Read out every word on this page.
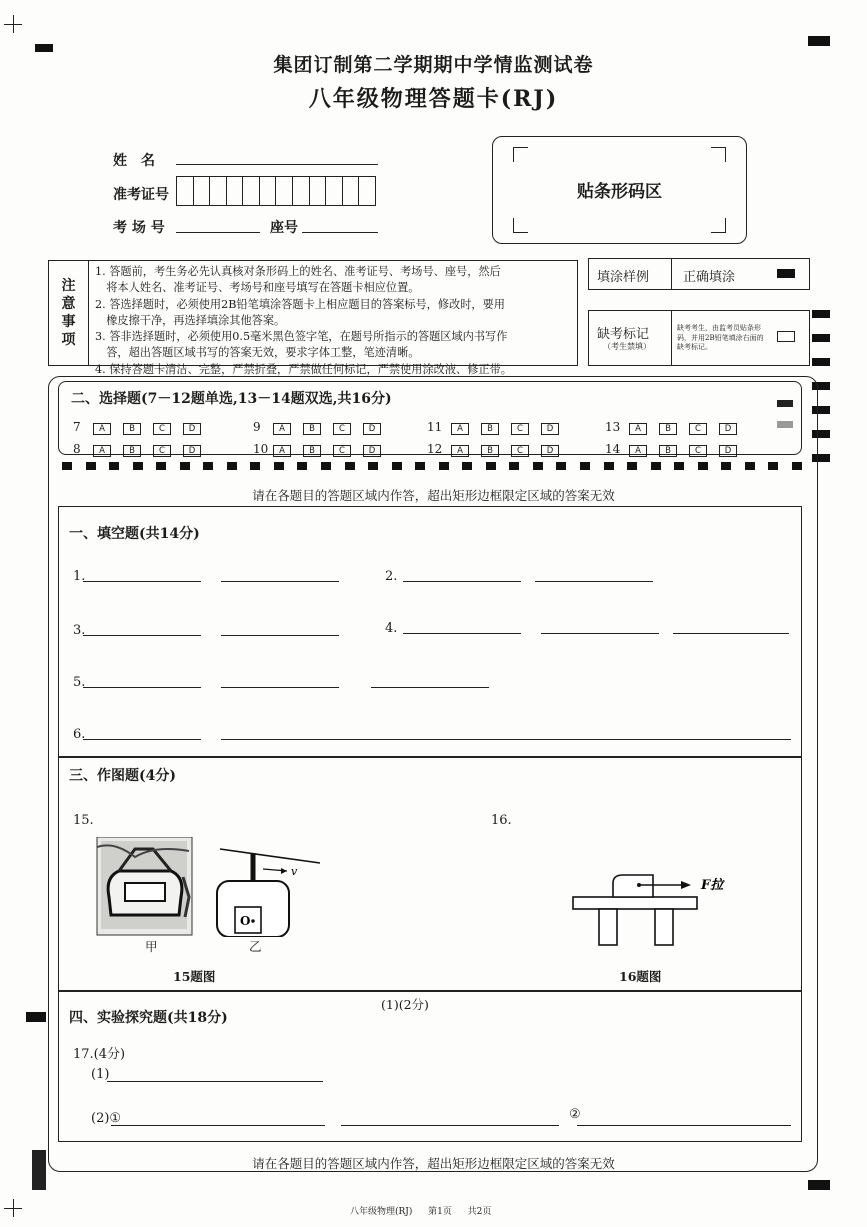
集团订制第二学期期中学情监测试卷
八年级物理答题卡(RJ)
姓　名
准考证号
考 场 号	座号
贴条形码区
注意事项
1. 答题前，考生务必先认真核对条形码上的姓名、准考证号、考场号、座号，然后
　将本人姓名、准考证号、考场号和座号填写在答题卡相应位置。
2. 答选择题时，必须使用2B铅笔填涂答题卡上相应题目的答案标号，修改时，要用
　橡皮擦干净，再选择填涂其他答案。
3. 答非选择题时，必须使用0.5毫米黑色签字笔，在题号所指示的答题区域内书写作
　答，超出答题区域书写的答案无效，要求字体工整，笔迹清晰。
4. 保持答题卡清洁、完整，严禁折叠，严禁做任何标记，严禁使用涂改液、修正带。
填涂样例	正确填涂
缺考标记
（考生禁填）
缺考考生，由监考员贴条形码，并用2B铅笔填涂右面的缺考标记。
二、选择题(7－12题单选,13－14题双选,共16分)
7 A	B	C	D
8 A	B	C	D
9 A	B	C	D
10 A	B	C	D
11 A	B	C	D
12 A	B	C	D
13 A	B	C	D
14 A	B	C	D
请在各题目的答题区域内作答，超出矩形边框限定区域的答案无效
一、填空题(共14分)
1.	2.
3.	4.
5.
6.
三、作图题(4分)
15.	16.
v
O
甲	乙
15题图
F拉
16题图
四、实验探究题(共18分)
(1)(2分)
17.(4分)
(1)
(2)①	②
请在各题目的答题区域内作答，超出矩形边框限定区域的答案无效
八年级物理(RJ) 第1页 共2页
